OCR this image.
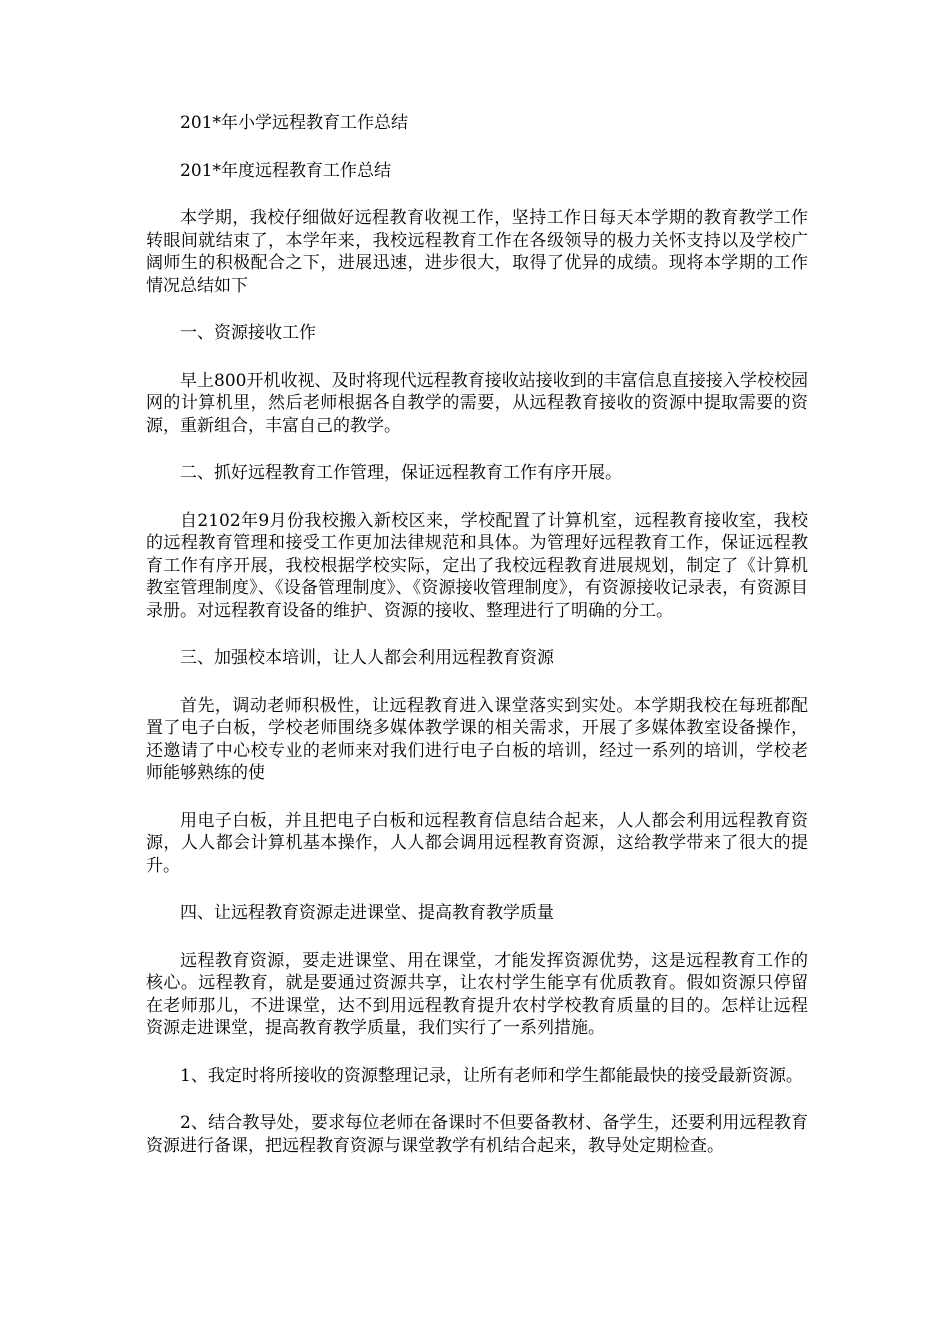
201*年小学远程教育工作总结

201*年度远程教育工作总结

本学期，我校仔细做好远程教育收视工作，坚持工作日每天本学期的教育教学工作转眼间就结束了，本学年来，我校远程教育工作在各级领导的极力关怀支持以及学校广阔师生的积极配合之下，进展迅速，进步很大，取得了优异的成绩。现将本学期的工作情况总结如下

一、资源接收工作

早上800开机收视、及时将现代远程教育接收站接收到的丰富信息直接接入学校校园网的计算机里，然后老师根据各自教学的需要，从远程教育接收的资源中提取需要的资源，重新组合，丰富自己的教学。

二、抓好远程教育工作管理，保证远程教育工作有序开展。

自2102年9月份我校搬入新校区来，学校配置了计算机室，远程教育接收室，我校的远程教育管理和接受工作更加法律规范和具体。为管理好远程教育工作，保证远程教育工作有序开展，我校根据学校实际，定出了我校远程教育进展规划，制定了《计算机教室管理制度》、《设备管理制度》、《资源接收管理制度》，有资源接收记录表，有资源目录册。对远程教育设备的维护、资源的接收、整理进行了明确的分工。

三、加强校本培训，让人人都会利用远程教育资源

首先，调动老师积极性，让远程教育进入课堂落实到实处。本学期我校在每班都配置了电子白板，学校老师围绕多媒体教学课的相关需求，开展了多媒体教室设备操作，还邀请了中心校专业的老师来对我们进行电子白板的培训，经过一系列的培训，学校老师能够熟练的使

用电子白板，并且把电子白板和远程教育信息结合起来，人人都会利用远程教育资源，人人都会计算机基本操作，人人都会调用远程教育资源，这给教学带来了很大的提升。

四、让远程教育资源走进课堂、提高教育教学质量

远程教育资源，要走进课堂、用在课堂，才能发挥资源优势，这是远程教育工作的核心。远程教育，就是要通过资源共享，让农村学生能享有优质教育。假如资源只停留在老师那儿，不进课堂，达不到用远程教育提升农村学校教育质量的目的。怎样让远程资源走进课堂，提高教育教学质量，我们实行了一系列措施。

1、我定时将所接收的资源整理记录，让所有老师和学生都能最快的接受最新资源。

2、结合教导处，要求每位老师在备课时不但要备教材、备学生，还要利用远程教育资源进行备课，把远程教育资源与课堂教学有机结合起来，教导处定期检查。
